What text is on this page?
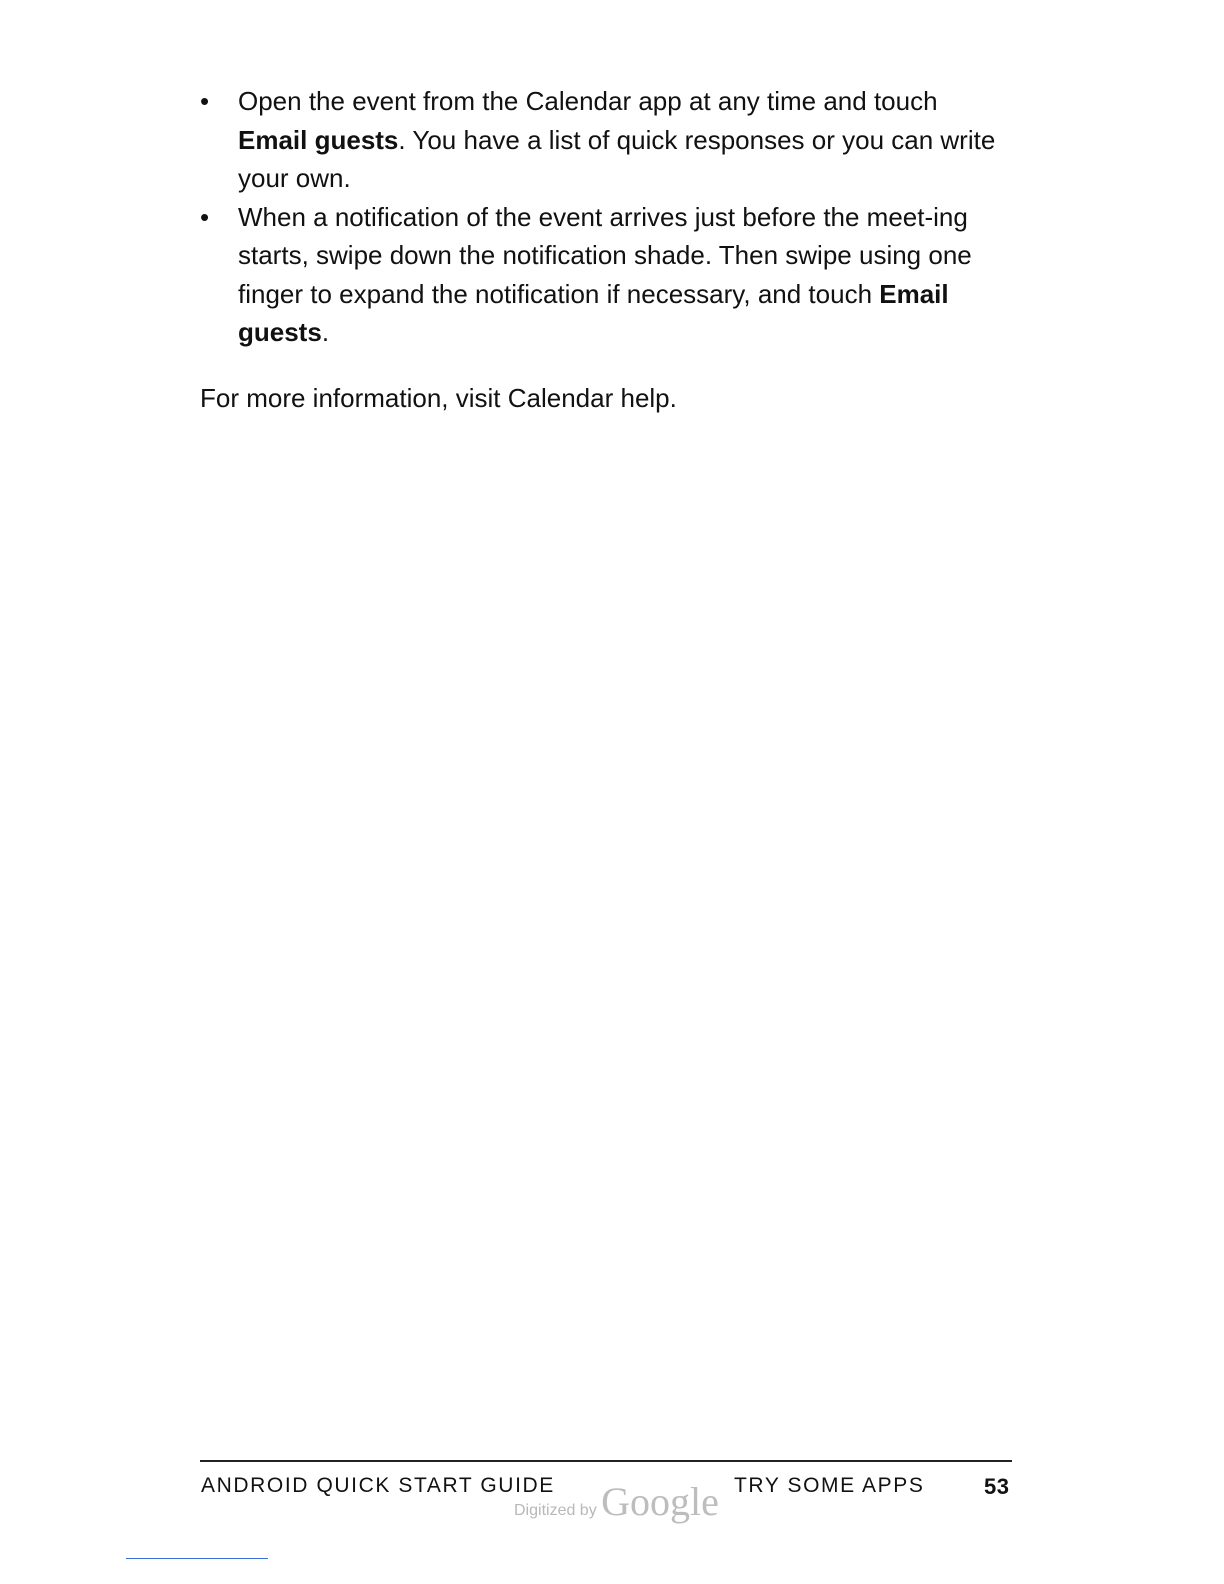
• Open the event from the Calendar app at any time and touch Email guests. You have a list of quick responses or you can write your own.
• When a notification of the event arrives just before the meet-ing starts, swipe down the notification shade. Then swipe using one finger to expand the notification if necessary, and touch Email guests.

For more information, visit Calendar help.

ANDROID QUICK START GUIDE
Digitized by Google TRY SOME APPS	53
